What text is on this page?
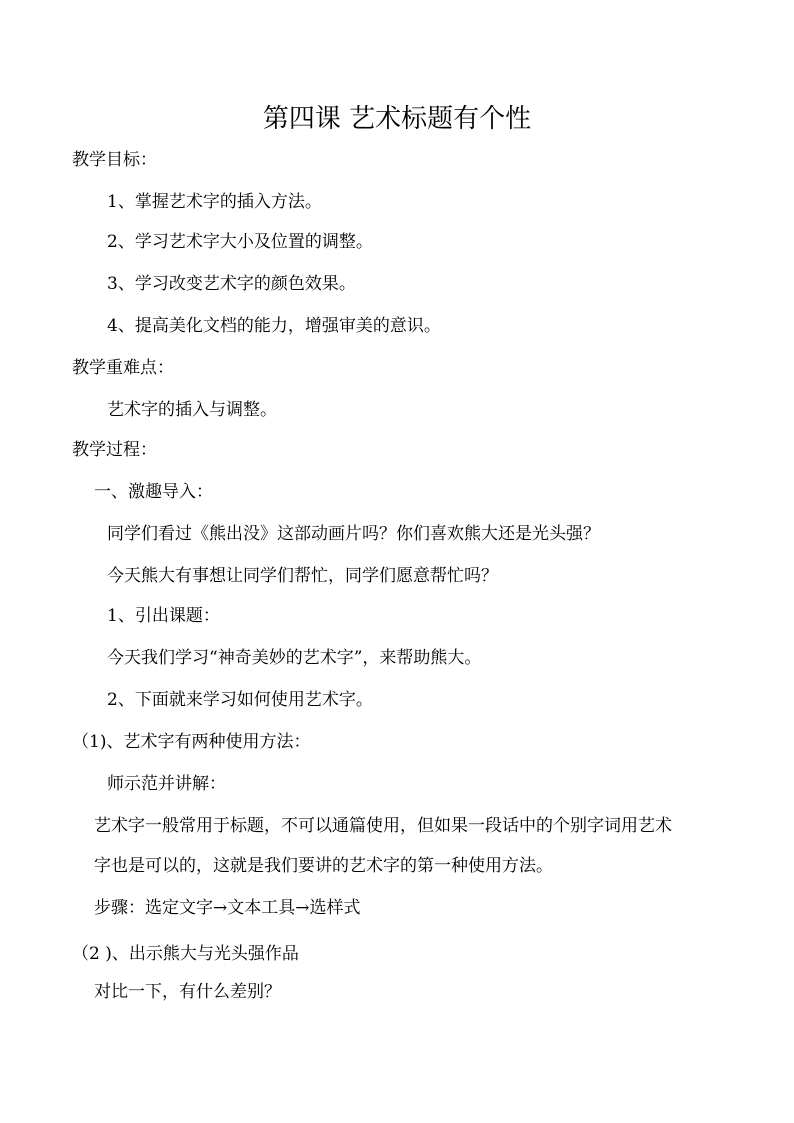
第四课 艺术标题有个性
教学目标：
1、掌握艺术字的插入方法。
2、学习艺术字大小及位置的调整。
3、学习改变艺术字的颜色效果。
4、提高美化文档的能力，增强审美的意识。
教学重难点：
艺术字的插入与调整。
教学过程：
一、激趣导入：
同学们看过《熊出没》这部动画片吗？你们喜欢熊大还是光头强？
今天熊大有事想让同学们帮忙，同学们愿意帮忙吗？
1、引出课题：
今天我们学习“神奇美妙的艺术字”，来帮助熊大。
2、下面就来学习如何使用艺术字。
（1)、艺术字有两种使用方法：
师示范并讲解：
艺术字一般常用于标题，不可以通篇使用，但如果一段话中的个别字词用艺术
字也是可以的，这就是我们要讲的艺术字的第一种使用方法。
步骤：选定文字→文本工具→选样式
（2 )、出示熊大与光头强作品
对比一下，有什么差别？
